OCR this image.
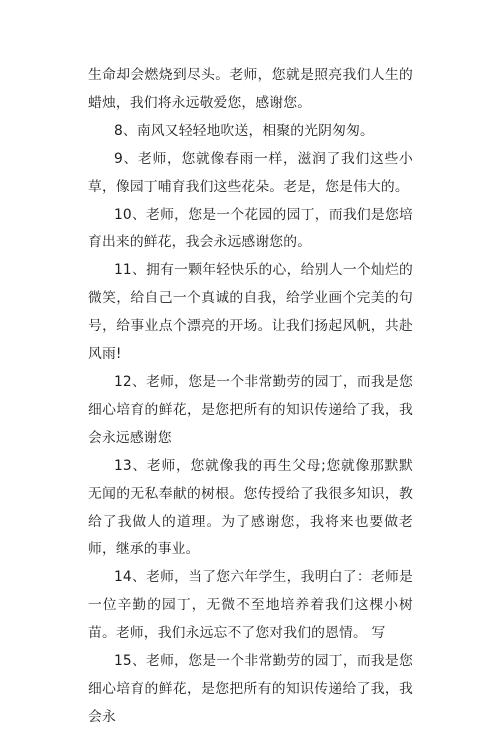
生命却会燃烧到尽头。老师，您就是照亮我们人生的蜡烛，我们将永远敬爱您，感谢您。

8、南风又轻轻地吹送，相聚的光阴匆匆。

9、老师，您就像春雨一样，滋润了我们这些小草，像园丁哺育我们这些花朵。老是，您是伟大的。

10、老师，您是一个花园的园丁，而我们是您培育出来的鲜花，我会永远感谢您的。

11、拥有一颗年轻快乐的心，给别人一个灿烂的微笑，给自己一个真诚的自我，给学业画个完美的句号，给事业点个漂亮的开场。让我们扬起风帆，共赴风雨!

12、老师，您是一个非常勤劳的园丁，而我是您细心培育的鲜花，是您把所有的知识传递给了我，我会永远感谢您

13、老师，您就像我的再生父母;您就像那默默无闻的无私奉献的树根。您传授给了我很多知识，教给了我做人的道理。为了感谢您，我将来也要做老师，继承的事业。

14、老师，当了您六年学生，我明白了：老师是一位辛勤的园丁，无微不至地培养着我们这棵小树苗。老师，我们永远忘不了您对我们的恩情。 写

15、老师，您是一个非常勤劳的园丁，而我是您细心培育的鲜花，是您把所有的知识传递给了我，我会永
